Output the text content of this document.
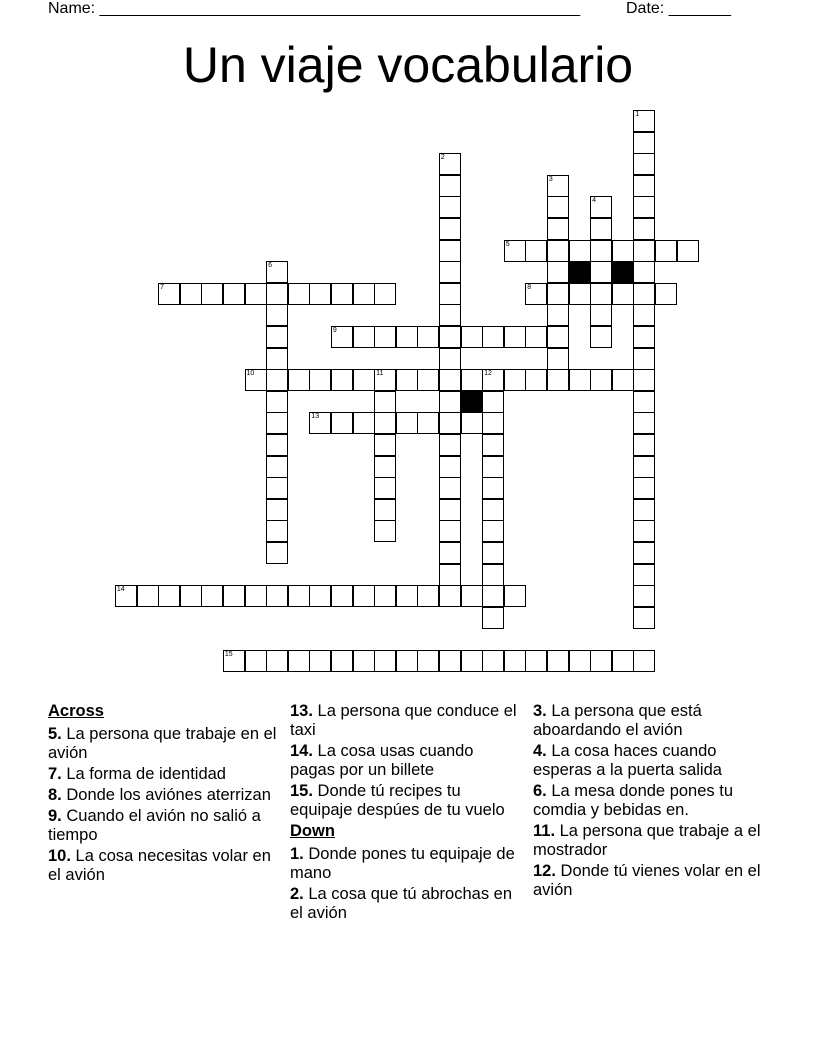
Name: ______________________________________________________	Date: _______
Un viaje vocabulario
1
2
3
4
5
6
7	8
9
10	11	12
13
14
15
Across
5. La persona que trabaje en el avión
7. La forma de identidad
8. Donde los aviónes aterrizan
9. Cuando el avión no salió a tiempo
10. La cosa necesitas volar en el avión
13. La persona que conduce el taxi
14. La cosa usas cuando pagas por un billete
15. Donde tú recipes tu equipaje despúes de tu vuelo
Down
1. Donde pones tu equipaje de mano
2. La cosa que tú abrochas en el avión
3. La persona que está aboardando el avión
4. La cosa haces cuando esperas a la puerta salida
6. La mesa donde pones tu comdia y bebidas en.
11. La persona que trabaje a el mostrador
12. Donde tú vienes volar en el avión
